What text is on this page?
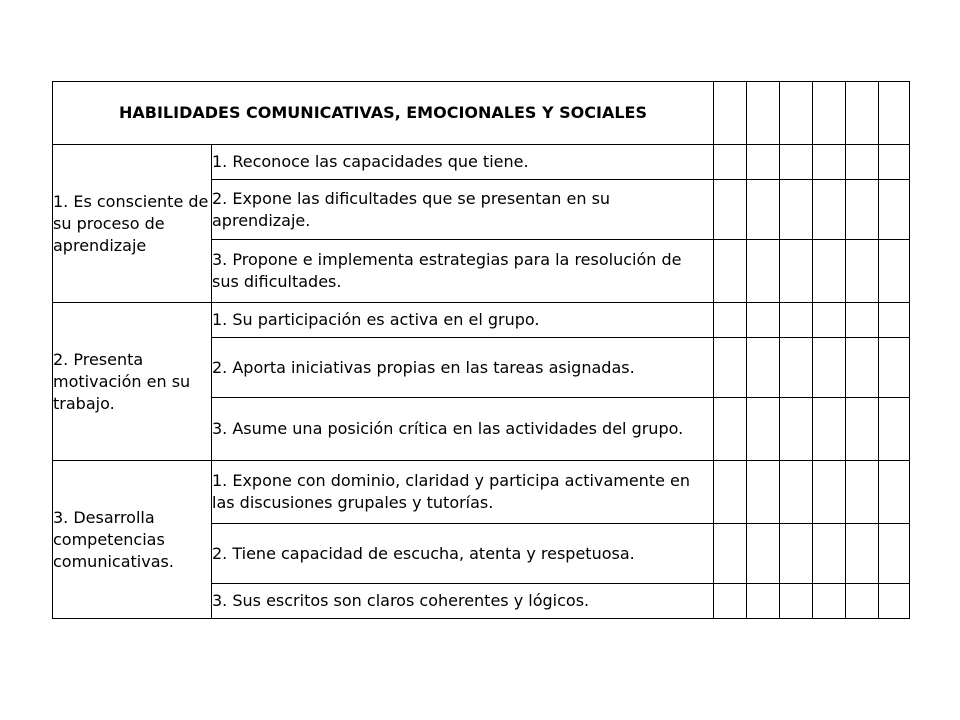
HABILIDADES COMUNICATIVAS, EMOCIONALES Y SOCIALES							
1. Es consciente de su proceso de aprendizaje	1. Reconoce las capacidades que tiene.						
	2. Expone las dificultades que se presentan en su aprendizaje.						
	3. Propone e implementa estrategias para la resolución de sus dificultades.						
2. Presenta motivación en su trabajo.	1. Su participación es activa en el grupo.						
	2. Aporta iniciativas propias en las tareas asignadas.						
	3. Asume una posición crítica en las actividades del grupo.						
3. Desarrolla competencias comunicativas.	1. Expone con dominio, claridad y participa activamente en las discusiones grupales y tutorías.						
	2. Tiene capacidad de escucha, atenta y respetuosa.						
	3. Sus escritos son claros coherentes y lógicos.						
